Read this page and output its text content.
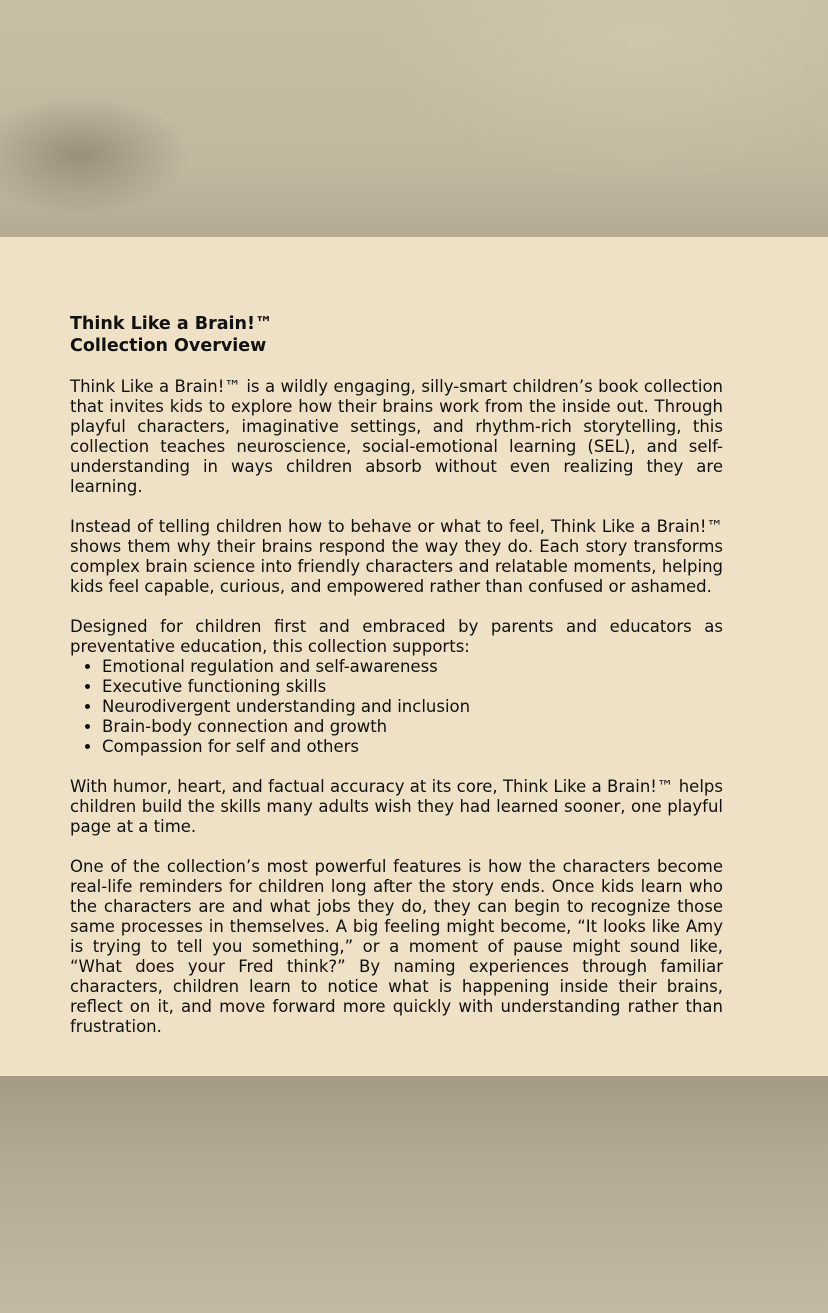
Think Like a Brain!™
Collection Overview

Think Like a Brain!™ is a wildly engaging, silly-smart children’s book collection that invites kids to explore how their brains work from the inside out. Through playful characters, imaginative settings, and rhythm-rich storytelling, this collection teaches neuroscience, social-emotional learning (SEL), and self-understanding in ways children absorb without even realizing they are learning.

Instead of telling children how to behave or what to feel, Think Like a Brain!™ shows them why their brains respond the way they do. Each story transforms complex brain science into friendly characters and relatable moments, helping kids feel capable, curious, and empowered rather than confused or ashamed.

Designed for children first and embraced by parents and educators as preventative education, this collection supports:

• Emotional regulation and self-awareness
• Executive functioning skills
• Neurodivergent understanding and inclusion
• Brain-body connection and growth
• Compassion for self and others

With humor, heart, and factual accuracy at its core, Think Like a Brain!™ helps children build the skills many adults wish they had learned sooner, one playful page at a time.

One of the collection’s most powerful features is how the characters become real-life reminders for children long after the story ends. Once kids learn who the characters are and what jobs they do, they can begin to recognize those same processes in themselves. A big feeling might become, “It looks like Amy is trying to tell you something,” or a moment of pause might sound like, “What does your Fred think?” By naming experiences through familiar characters, children learn to notice what is happening inside their brains, reflect on it, and move forward more quickly with understanding rather than frustration.
